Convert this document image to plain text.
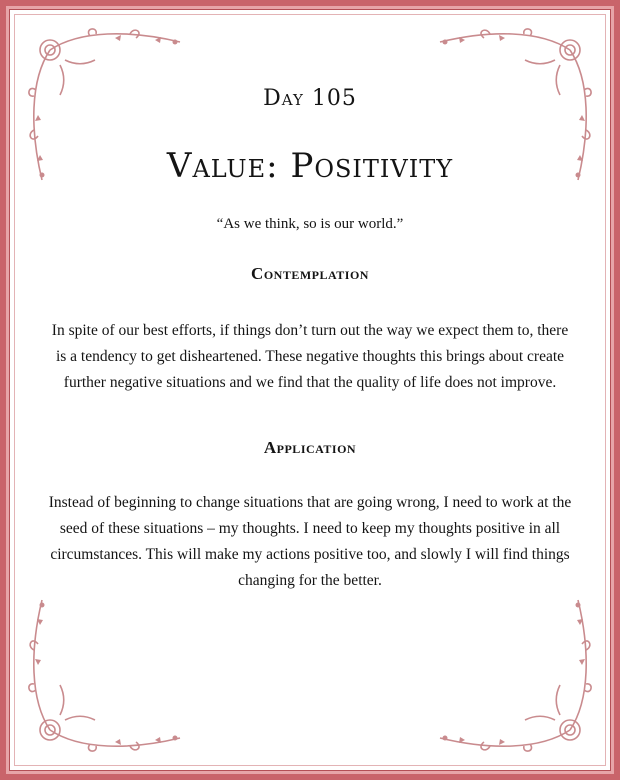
Day 105
Value: Positivity
“As we think, so is our world.”
Contemplation
In spite of our best efforts, if things don’t turn out the way we expect them to, there is a tendency to get disheartened. These negative thoughts this brings about create further negative situations and we find that the quality of life does not improve.
Application
Instead of beginning to change situations that are going wrong, I need to work at the seed of these situations – my thoughts. I need to keep my thoughts positive in all circumstances. This will make my actions positive too, and slowly I will find things changing for the better.
